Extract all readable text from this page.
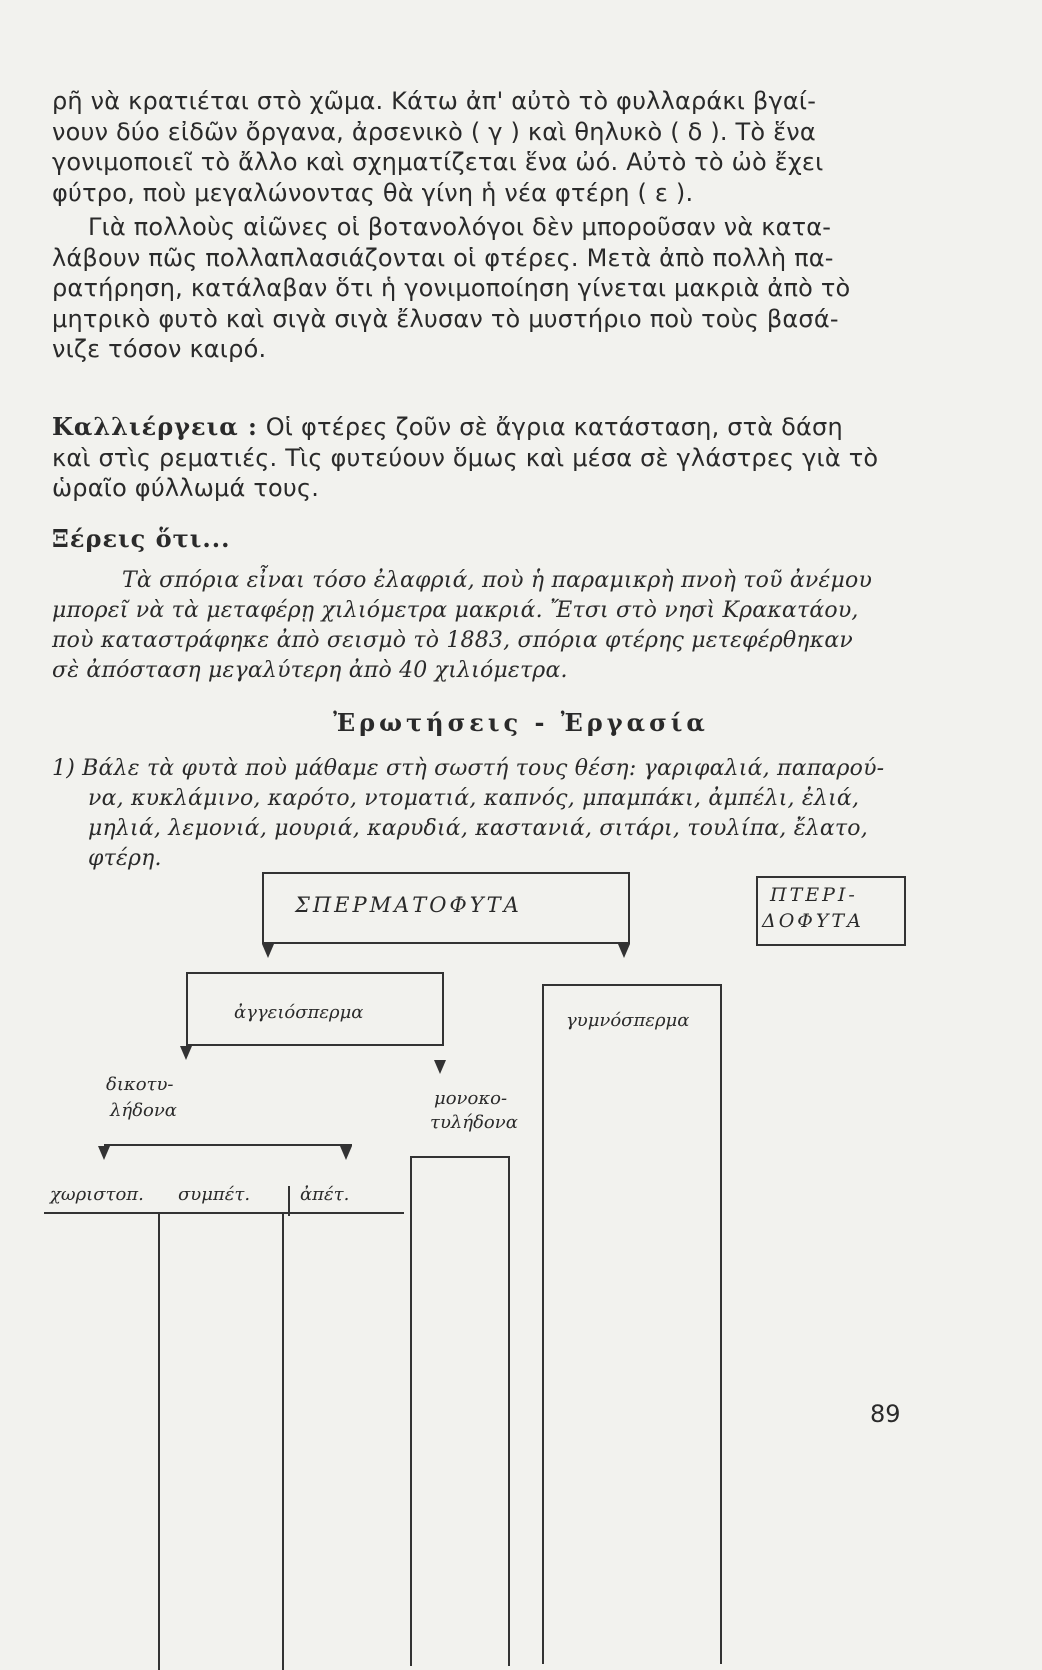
ρῆ νὰ κρατιέται στὸ χῶμα. Κάτω ἀπ' αὐτὸ τὸ φυλλαράκι βγαί-
νουν δύο εἰδῶν ὄργανα, ἀρσενικὸ ( γ ) καὶ θηλυκὸ ( δ ). Τὸ ἕνα
γονιμοποιεῖ τὸ ἄλλο καὶ σχηματίζεται ἕνα ὠό. Αὐτὸ τὸ ὠὸ ἔχει
φύτρο, ποὺ μεγαλώνοντας θὰ γίνη ἡ νέα φτέρη ( ε ).
Γιὰ πολλοὺς αἰῶνες οἱ βοτανολόγοι δὲν μποροῦσαν νὰ κατα-
λάβουν πῶς πολλαπλασιάζονται οἱ φτέρες. Μετὰ ἀπὸ πολλὴ πα-
ρατήρηση, κατάλαβαν ὅτι ἡ γονιμοποίηση γίνεται μακριὰ ἀπὸ τὸ
μητρικὸ φυτὸ καὶ σιγὰ σιγὰ ἔλυσαν τὸ μυστήριο ποὺ τοὺς βασά-
νιζε τόσον καιρό.
Καλλιέργεια : Οἱ φτέρες ζοῦν σὲ ἄγρια κατάσταση, στὰ δάση
καὶ στὶς ρεματιές. Τὶς φυτεύουν ὅμως καὶ μέσα σὲ γλάστρες γιὰ τὸ
ὡραῖο φύλλωμά τους.
Ξέρεις ὅτι...
Τὰ σπόρια εἶναι τόσο ἐλαφριά, ποὺ ἡ παραμικρὴ πνοὴ τοῦ ἀνέμου
μπορεῖ νὰ τὰ μεταφέρῃ χιλιόμετρα μακριά. Ἔτσι στὸ νησὶ Κρακατάου,
ποὺ καταστράφηκε ἀπὸ σεισμὸ τὸ 1883, σπόρια φτέρης μετεφέρθηκαν
σὲ ἀπόσταση μεγαλύτερη ἀπὸ 40 χιλιόμετρα.
Ἐρωτήσεις - Ἐργασία
1) Βάλε τὰ φυτὰ ποὺ μάθαμε στὴ σωστή τους θέση: γαριφαλιά, παπαρού-
να, κυκλάμινο, καρότο, ντοματιά, καπνός, μπαμπάκι, ἀμπέλι, ἐλιά,
μηλιά, λεμονιά, μουριά, καρυδιά, καστανιά, σιτάρι, τουλίπα, ἔλατο,
φτέρη.
ΣΠΕΡΜΑΤΟΦΥΤΑ	ΠΤΕΡΙ-
ΔΟΦΥΤΑ
ἀγγειόσπερμα	γυμνόσπερμα
δικοτυ-
λήδονα
μονοκο-
τυλήδονα
χωριστοπ. συμπέτ.	ἀπέτ.
89
